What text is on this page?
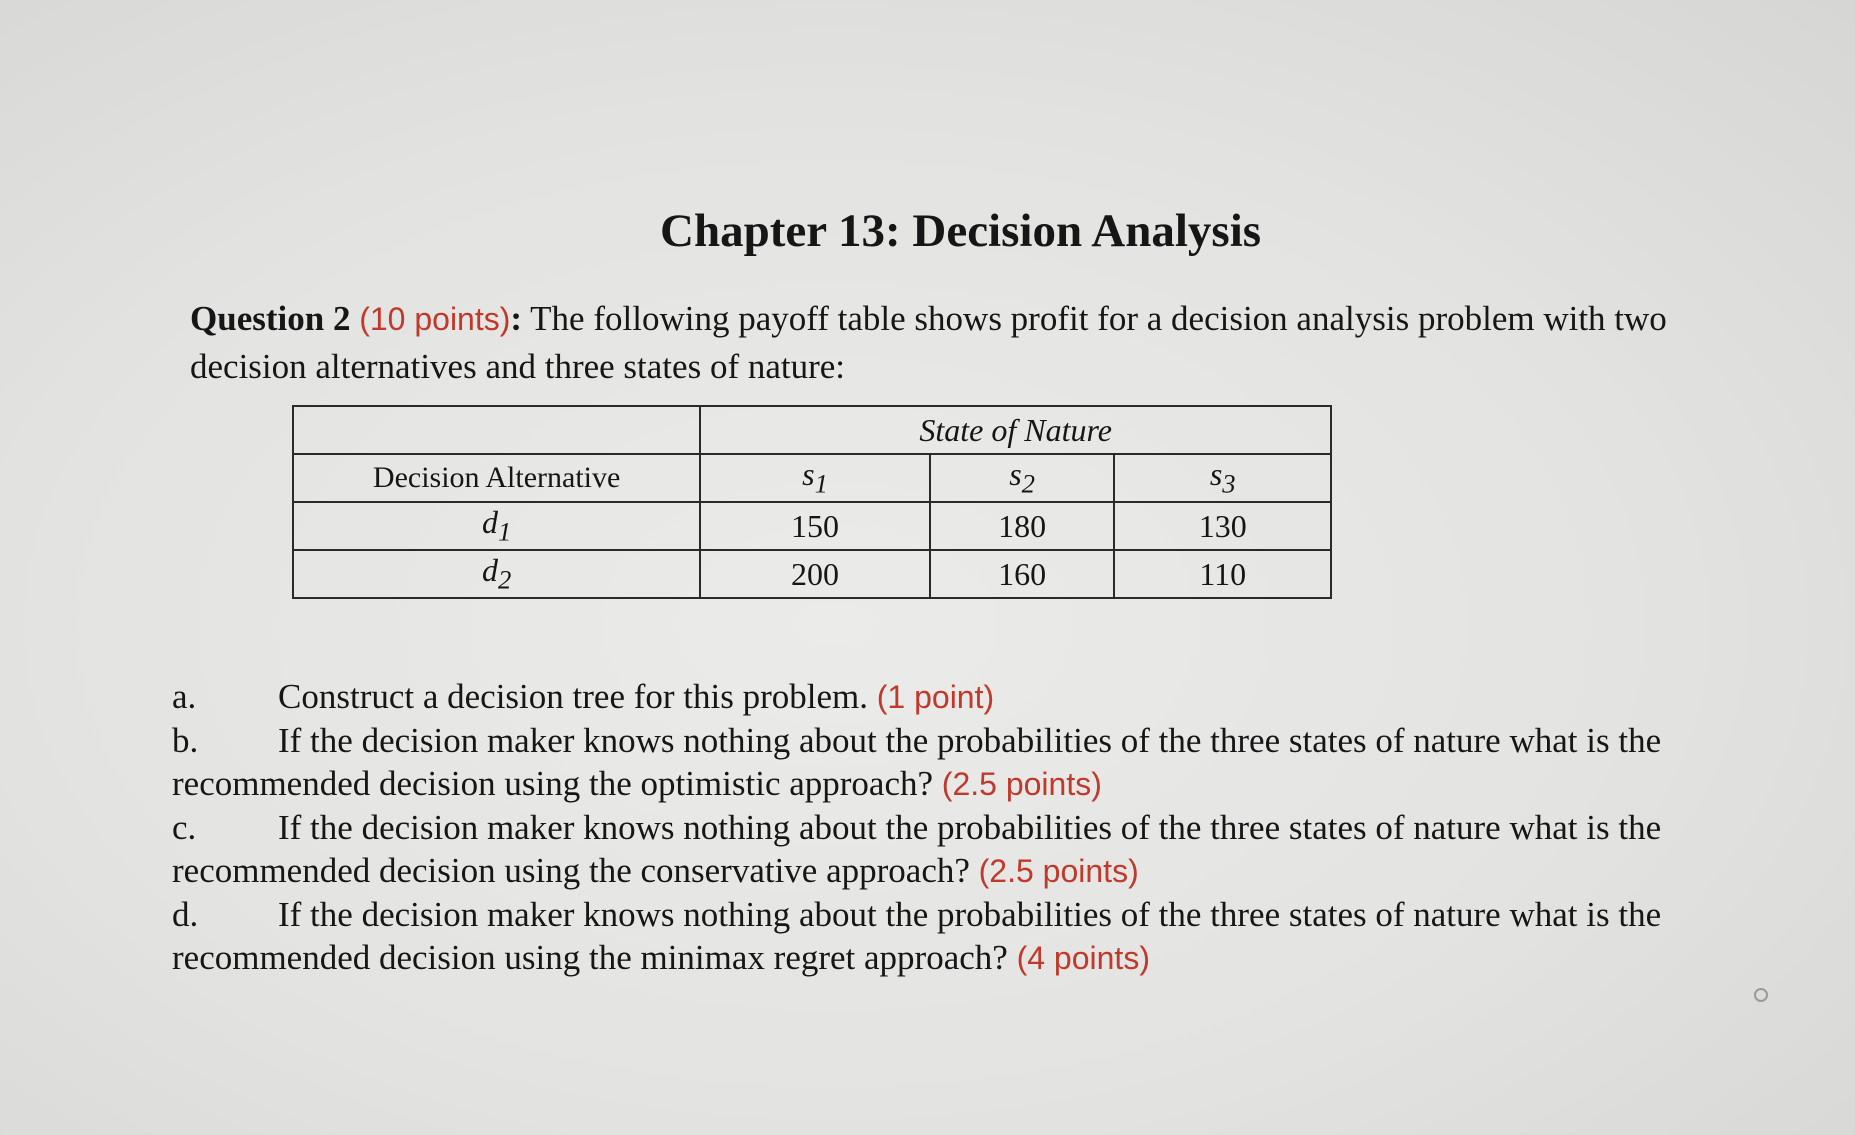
Chapter 13: Decision Analysis
Question 2 (10 points): The following payoff table shows profit for a decision analysis problem with two decision alternatives and three states of nature:
	State of Nature		
Decision Alternative	$s_1$	$s_2$	$s_3$
$d_1$	150	180	130
$d_2$	200	160	110
a. Construct a decision tree for this problem. (1 point)
b. If the decision maker knows nothing about the probabilities of the three states of nature what is the recommended decision using the optimistic approach? (2.5 points)
c. If the decision maker knows nothing about the probabilities of the three states of nature what is the recommended decision using the conservative approach? (2.5 points)
d. If the decision maker knows nothing about the probabilities of the three states of nature what is the recommended decision using the minimax regret approach? (4 points)
